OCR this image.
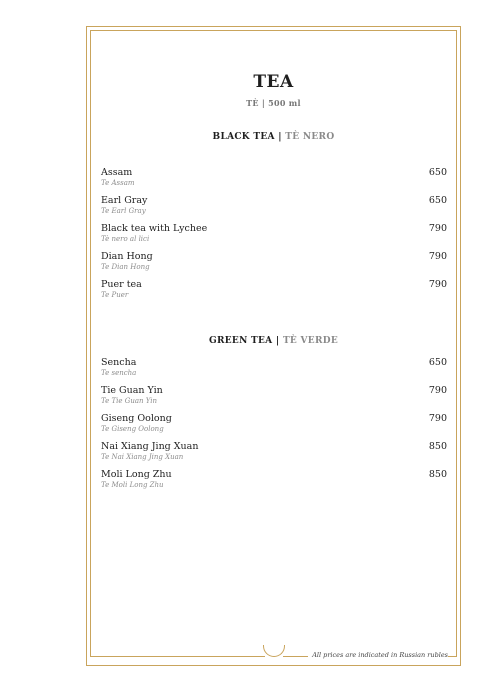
TEA
TÈ | 500 ml
BLACK TEA | TÈ NERO
Assam
Te Assam
650
Earl Gray
Te Earl Gray
650
Black tea with Lychee
Tè nero al lici
790
Dian Hong
Te Dian Hong
790
Puer tea
Te Puer
790
GREEN TEA | TÈ VERDE
Sencha
Te sencha
650
Tie Guan Yin
Te Tie Guan Yin
790
Gisеng Oolong
Te Giseng Oolong
790
Nai Xiang Jing Xuan
Te Nai Xiang Jing Xuan
850
Moli Long Zhu
Te Moli Long Zhu
850
All prices are indicated in Russian rubles
